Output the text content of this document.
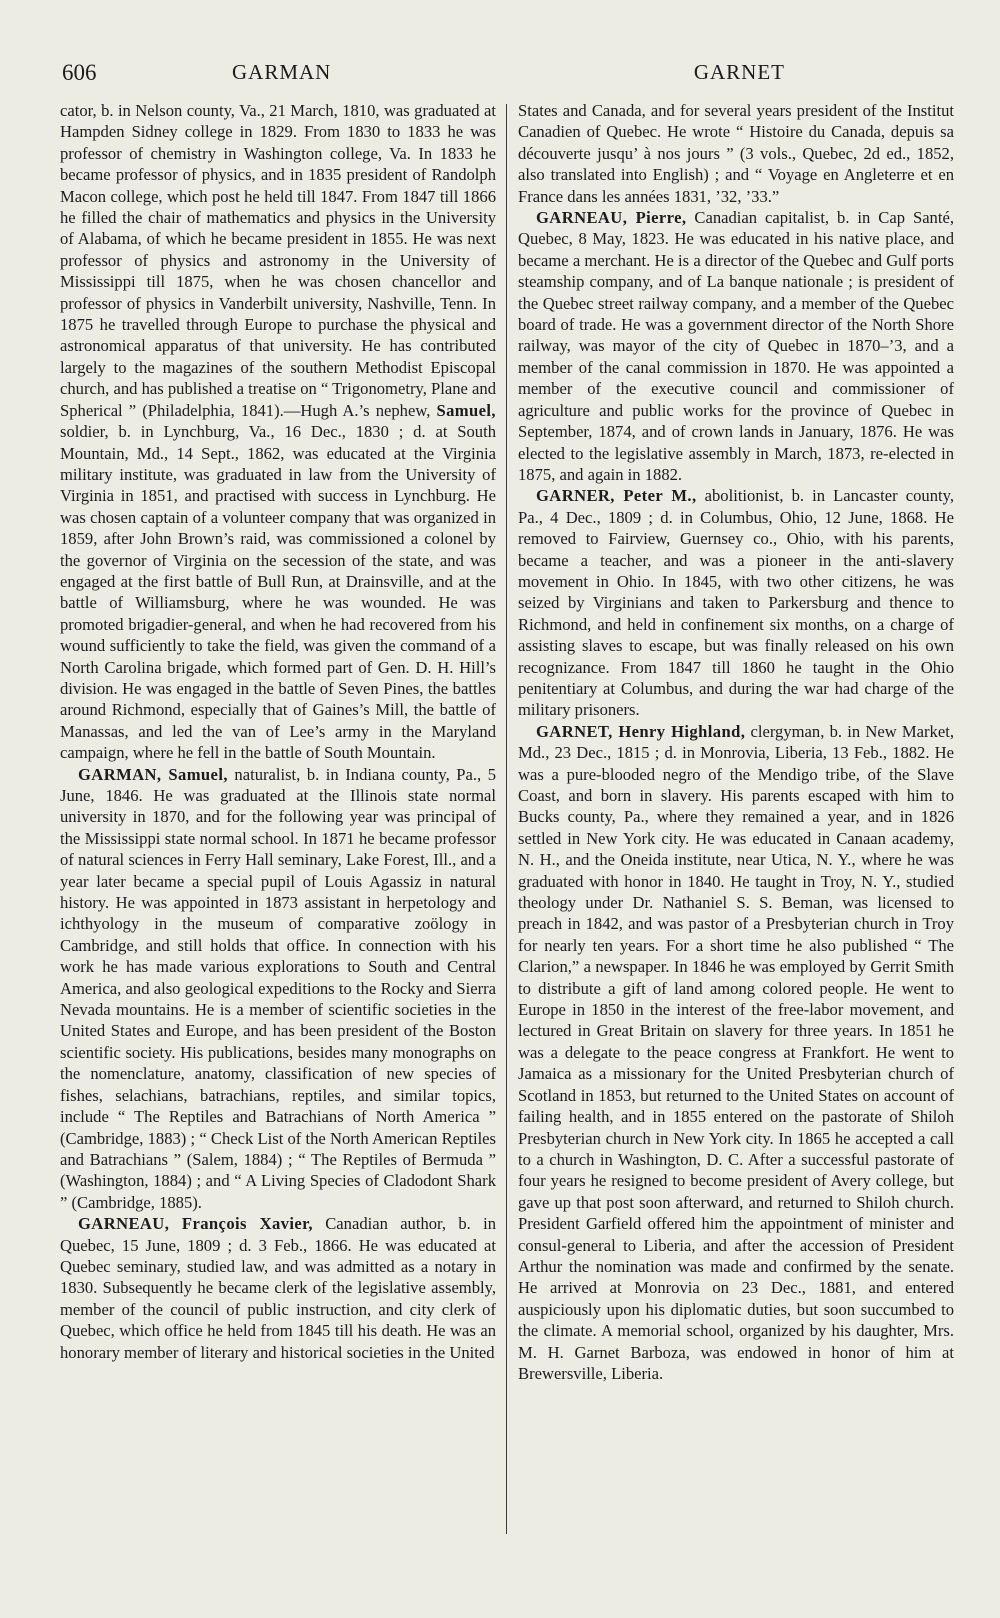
606	GARMAN	GARNET

cator, b. in Nelson county, Va., 21 March, 1810, was graduated at Hampden Sidney college in 1829. From 1830 to 1833 he was professor of chemistry in Washington college, Va. In 1833 he became professor of physics, and in 1835 president of Randolph Macon college, which post he held till 1847. From 1847 till 1866 he filled the chair of mathematics and physics in the University of Alabama, of which he became president in 1855. He was next professor of physics and astronomy in the University of Mississippi till 1875, when he was chosen chancellor and professor of physics in Vanderbilt university, Nashville, Tenn. In 1875 he travelled through Europe to purchase the physical and astronomical apparatus of that university. He has contributed largely to the magazines of the southern Methodist Episcopal church, and has published a treatise on “ Trigonometry, Plane and Spherical ” (Philadelphia, 1841).—Hugh A.’s nephew, Samuel, soldier, b. in Lynchburg, Va., 16 Dec., 1830 ; d. at South Mountain, Md., 14 Sept., 1862, was educated at the Virginia military institute, was graduated in law from the University of Virginia in 1851, and practised with success in Lynchburg. He was chosen captain of a volunteer company that was organized in 1859, after John Brown’s raid, was commissioned a colonel by the governor of Virginia on the secession of the state, and was engaged at the first battle of Bull Run, at Drainsville, and at the battle of Williamsburg, where he was wounded. He was promoted brigadier-general, and when he had recovered from his wound sufficiently to take the field, was given the command of a North Carolina brigade, which formed part of Gen. D. H. Hill’s division. He was engaged in the battle of Seven Pines, the battles around Richmond, especially that of Gaines’s Mill, the battle of Manassas, and led the van of Lee’s army in the Maryland campaign, where he fell in the battle of South Mountain.

GARMAN, Samuel, naturalist, b. in Indiana county, Pa., 5 June, 1846. He was graduated at the Illinois state normal university in 1870, and for the following year was principal of the Mississippi state normal school. In 1871 he became professor of natural sciences in Ferry Hall seminary, Lake Forest, Ill., and a year later became a special pupil of Louis Agassiz in natural history. He was appointed in 1873 assistant in herpetology and ichthyology in the museum of comparative zoölogy in Cambridge, and still holds that office. In connection with his work he has made various explorations to South and Central America, and also geological expeditions to the Rocky and Sierra Nevada mountains. He is a member of scientific societies in the United States and Europe, and has been president of the Boston scientific society. His publications, besides many monographs on the nomenclature, anatomy, classification of new species of fishes, selachians, batrachians, reptiles, and similar topics, include “ The Reptiles and Batrachians of North America ” (Cambridge, 1883) ; “ Check List of the North American Reptiles and Batrachians ” (Salem, 1884) ; “ The Reptiles of Bermuda ” (Washington, 1884) ; and “ A Living Species of Cladodont Shark ” (Cambridge, 1885).

GARNEAU, François Xavier, Canadian author, b. in Quebec, 15 June, 1809 ; d. 3 Feb., 1866. He was educated at Quebec seminary, studied law, and was admitted as a notary in 1830. Subsequently he became clerk of the legislative assembly, member of the council of public instruction, and city clerk of Quebec, which office he held from 1845 till his death. He was an honorary member of literary and historical societies in the United

States and Canada, and for several years president of the Institut Canadien of Quebec. He wrote “ Histoire du Canada, depuis sa découverte jusqu’ à nos jours ” (3 vols., Quebec, 2d ed., 1852, also translated into English) ; and “ Voyage en Angleterre et en France dans les années 1831, ’32, ’33.”

GARNEAU, Pierre, Canadian capitalist, b. in Cap Santé, Quebec, 8 May, 1823. He was educated in his native place, and became a merchant. He is a director of the Quebec and Gulf ports steamship company, and of La banque nationale ; is president of the Quebec street railway company, and a member of the Quebec board of trade. He was a government director of the North Shore railway, was mayor of the city of Quebec in 1870–’3, and a member of the canal commission in 1870. He was appointed a member of the executive council and commissioner of agriculture and public works for the province of Quebec in September, 1874, and of crown lands in January, 1876. He was elected to the legislative assembly in March, 1873, re-elected in 1875, and again in 1882.

GARNER, Peter M., abolitionist, b. in Lancaster county, Pa., 4 Dec., 1809 ; d. in Columbus, Ohio, 12 June, 1868. He removed to Fairview, Guernsey co., Ohio, with his parents, became a teacher, and was a pioneer in the anti-slavery movement in Ohio. In 1845, with two other citizens, he was seized by Virginians and taken to Parkersburg and thence to Richmond, and held in confinement six months, on a charge of assisting slaves to escape, but was finally released on his own recognizance. From 1847 till 1860 he taught in the Ohio penitentiary at Columbus, and during the war had charge of the military prisoners.

GARNET, Henry Highland, clergyman, b. in New Market, Md., 23 Dec., 1815 ; d. in Monrovia, Liberia, 13 Feb., 1882. He was a pure-blooded negro of the Mendigo tribe, of the Slave Coast, and born in slavery. His parents escaped with him to Bucks county, Pa., where they remained a year, and in 1826 settled in New York city. He was educated in Canaan academy, N. H., and the Oneida institute, near Utica, N. Y., where he was graduated with honor in 1840. He taught in Troy, N. Y., studied theology under Dr. Nathaniel S. S. Beman, was licensed to preach in 1842, and was pastor of a Presbyterian church in Troy for nearly ten years. For a short time he also published “ The Clarion,” a newspaper. In 1846 he was employed by Gerrit Smith to distribute a gift of land among colored people. He went to Europe in 1850 in the interest of the free-labor movement, and lectured in Great Britain on slavery for three years. In 1851 he was a delegate to the peace congress at Frankfort. He went to Jamaica as a missionary for the United Presbyterian church of Scotland in 1853, but returned to the United States on account of failing health, and in 1855 entered on the pastorate of Shiloh Presbyterian church in New York city. In 1865 he accepted a call to a church in Washington, D. C. After a successful pastorate of four years he resigned to become president of Avery college, but gave up that post soon afterward, and returned to Shiloh church. President Garfield offered him the appointment of minister and consul-general to Liberia, and after the accession of President Arthur the nomination was made and confirmed by the senate. He arrived at Monrovia on 23 Dec., 1881, and entered auspiciously upon his diplomatic duties, but soon succumbed to the climate. A memorial school, organized by his daughter, Mrs. M. H. Garnet Barboza, was endowed in honor of him at Brewersville, Liberia.
